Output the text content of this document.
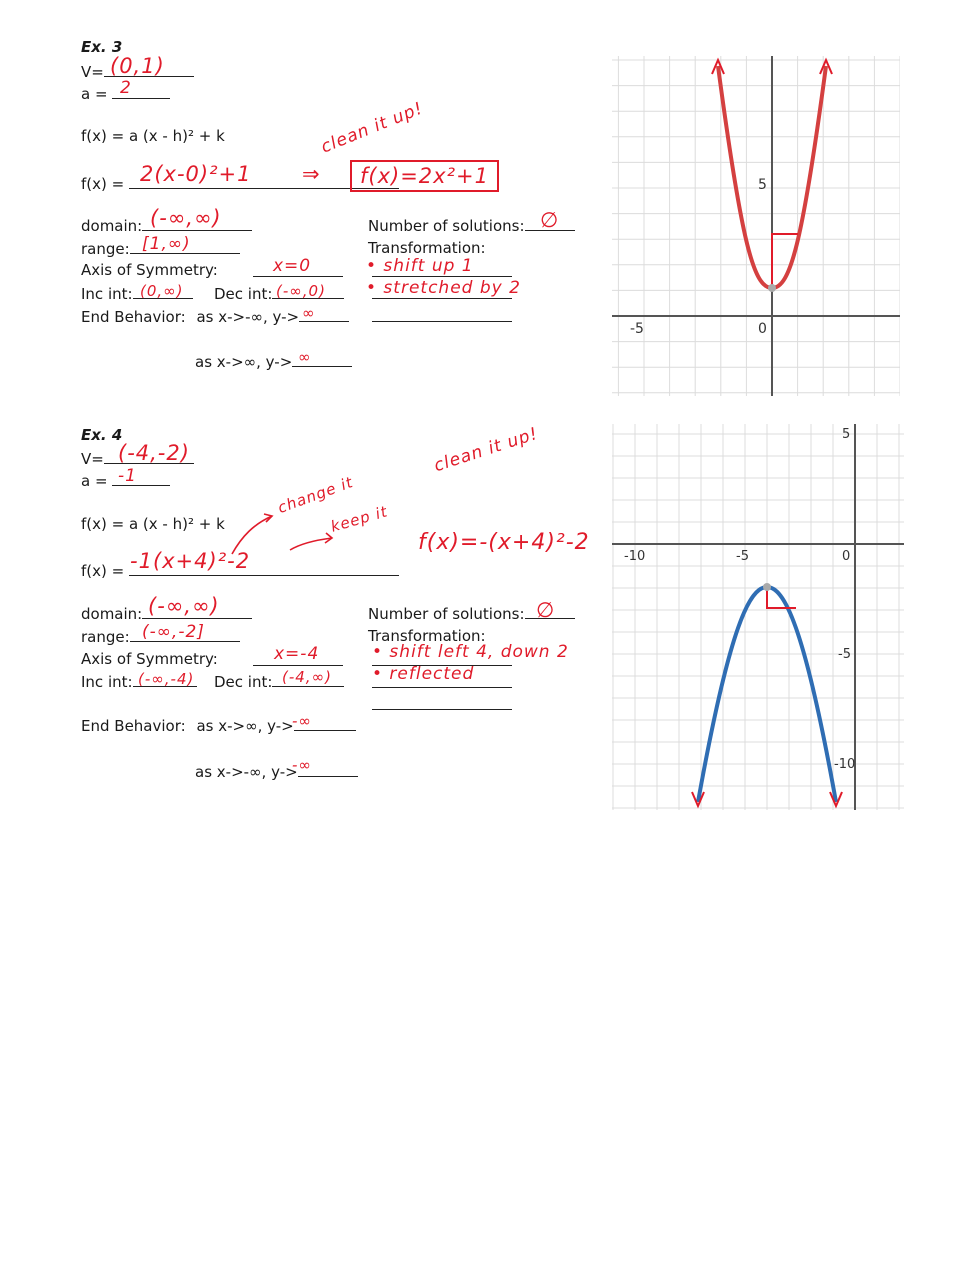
Ex. 3
V= (0,1)
a = 2
f(x) = a (x - h)² + k	clean it up!
f(x) = 2(x-0)²+1 ⇒	f(x)=2x²+1
domain: (-∞,∞)
range: [1,∞)
Axis of Symmetry:	x=0
Inc int: (0,∞) Dec int: (-∞,0)
End Behavior: as x->-∞, y-> ∞
as x->∞, y-> ∞
Number of solutions: ∅
Transformation:
• shift up 1
• stretched by 2
-5	0
5
Ex. 4
V= (-4,-2)
a = -1
f(x) = a (x - h)² + k
change it
keep it
clean it up!
f(x) = -1(x+4)²-2
f(x)=-(x+4)²-2
domain: (-∞,∞)
range: (-∞,-2]
Axis of Symmetry:	x=-4
Inc int: (-∞,-4) Dec int: (-4,∞)
End Behavior: as x->∞, y->
-∞
as x->-∞, y->
-∞
Number of solutions: ∅
Transformation:
• shift left 4, down 2
• reflected
-10	-5	0
5
-5
-10
